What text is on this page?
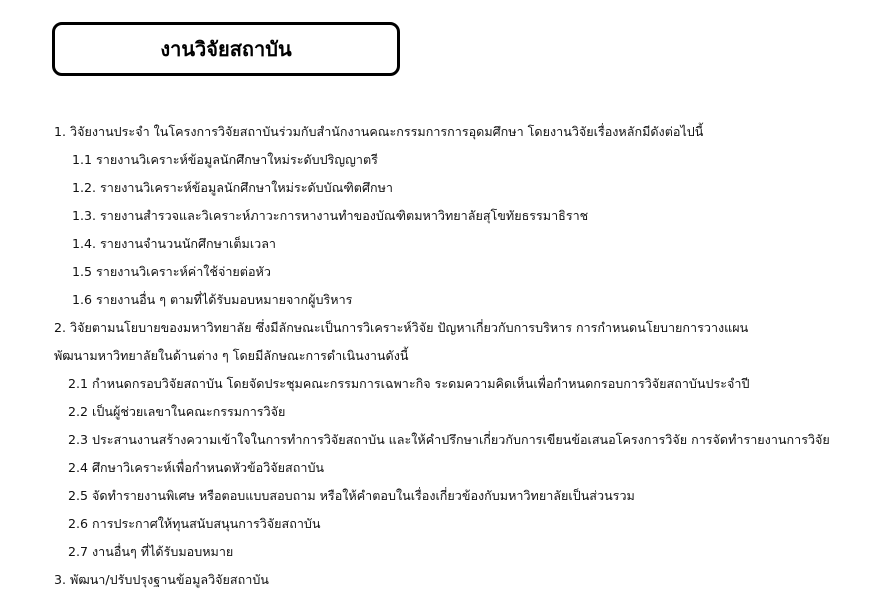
งานวิจัยสถาบัน
1. วิจัยงานประจำ ในโครงการวิจัยสถาบันร่วมกับสำนักงานคณะกรรมการการอุดมศึกษา โดยงานวิจัยเรื่องหลักมีดังต่อไปนี้
1.1 รายงานวิเคราะห์ข้อมูลนักศึกษาใหม่ระดับปริญญาตรี
1.2. รายงานวิเคราะห์ข้อมูลนักศึกษาใหม่ระดับบัณฑิตศึกษา
1.3. รายงานสำรวจและวิเคราะห์ภาวะการหางานทำของบัณฑิตมหาวิทยาลัยสุโขทัยธรรมาธิราช
1.4. รายงานจำนวนนักศึกษาเต็มเวลา
1.5 รายงานวิเคราะห์ค่าใช้จ่ายต่อหัว
1.6 รายงานอื่น ๆ ตามที่ได้รับมอบหมายจากผู้บริหาร
2. วิจัยตามนโยบายของมหาวิทยาลัย ซึ่งมีลักษณะเป็นการวิเคราะห์วิจัย ปัญหาเกี่ยวกับการบริหาร การกำหนดนโยบายการวางแผน
พัฒนามหาวิทยาลัยในด้านต่าง ๆ โดยมีลักษณะการดำเนินงานดังนี้
2.1 กำหนดกรอบวิจัยสถาบัน โดยจัดประชุมคณะกรรมการเฉพาะกิจ ระดมความคิดเห็นเพื่อกำหนดกรอบการวิจัยสถาบันประจำปี
2.2 เป็นผู้ช่วยเลขาในคณะกรรมการวิจัย
2.3 ประสานงานสร้างความเข้าใจในการทำการวิจัยสถาบัน และให้คำปรึกษาเกี่ยวกับการเขียนข้อเสนอโครงการวิจัย การจัดทำรายงานการวิจัย
2.4 ศึกษาวิเคราะห์เพื่อกำหนดหัวข้อวิจัยสถาบัน
2.5 จัดทำรายงานพิเศษ หรือตอบแบบสอบถาม หรือให้คำตอบในเรื่องเกี่ยวข้องกับมหาวิทยาลัยเป็นส่วนรวม
2.6 การประกาศให้ทุนสนับสนุนการวิจัยสถาบัน
2.7 งานอื่นๆ ที่ได้รับมอบหมาย
3. พัฒนา/ปรับปรุงฐานข้อมูลวิจัยสถาบัน
